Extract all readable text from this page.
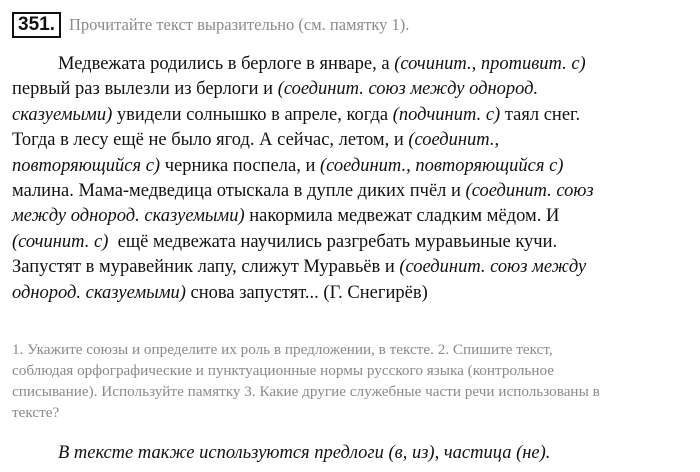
351. Прочитайте текст выразительно (см. памятку 1).
Медвежата родились в берлоге в январе, а (сочинит., противит. с)
первый раз вылезли из берлоги и (соединит. союз между однород.
сказуемыми) увидели солнышко в апреле, когда (подчинит. с) таял снег.
Тогда в лесу ещё не было ягод. А сейчас, летом, и (соединит.,
повторяющийся с) черника поспела, и (соединит., повторяющийся с)
малина. Мама-медведица отыскала в дупле диких пчёл и (соединит. союз
между однород. сказуемыми) накормила медвежат сладким мёдом. И
(сочинит. с)  ещё медвежата научились разгребать муравьиные кучи.
Запустят в муравейник лапу, слижут Муравьёв и (соединит. союз между
однород. сказуемыми) снова запустят... (Г. Снегирёв)
1. Укажите союзы и определите их роль в предложении, в тексте. 2. Спишите текст,
соблюдая орфографические и пунктуационные нормы русского языка (контрольное
списывание). Используйте памятку 3. Какие другие служебные части речи использованы в
тексте?
В тексте также используются предлоги (в, из), частица (не).
